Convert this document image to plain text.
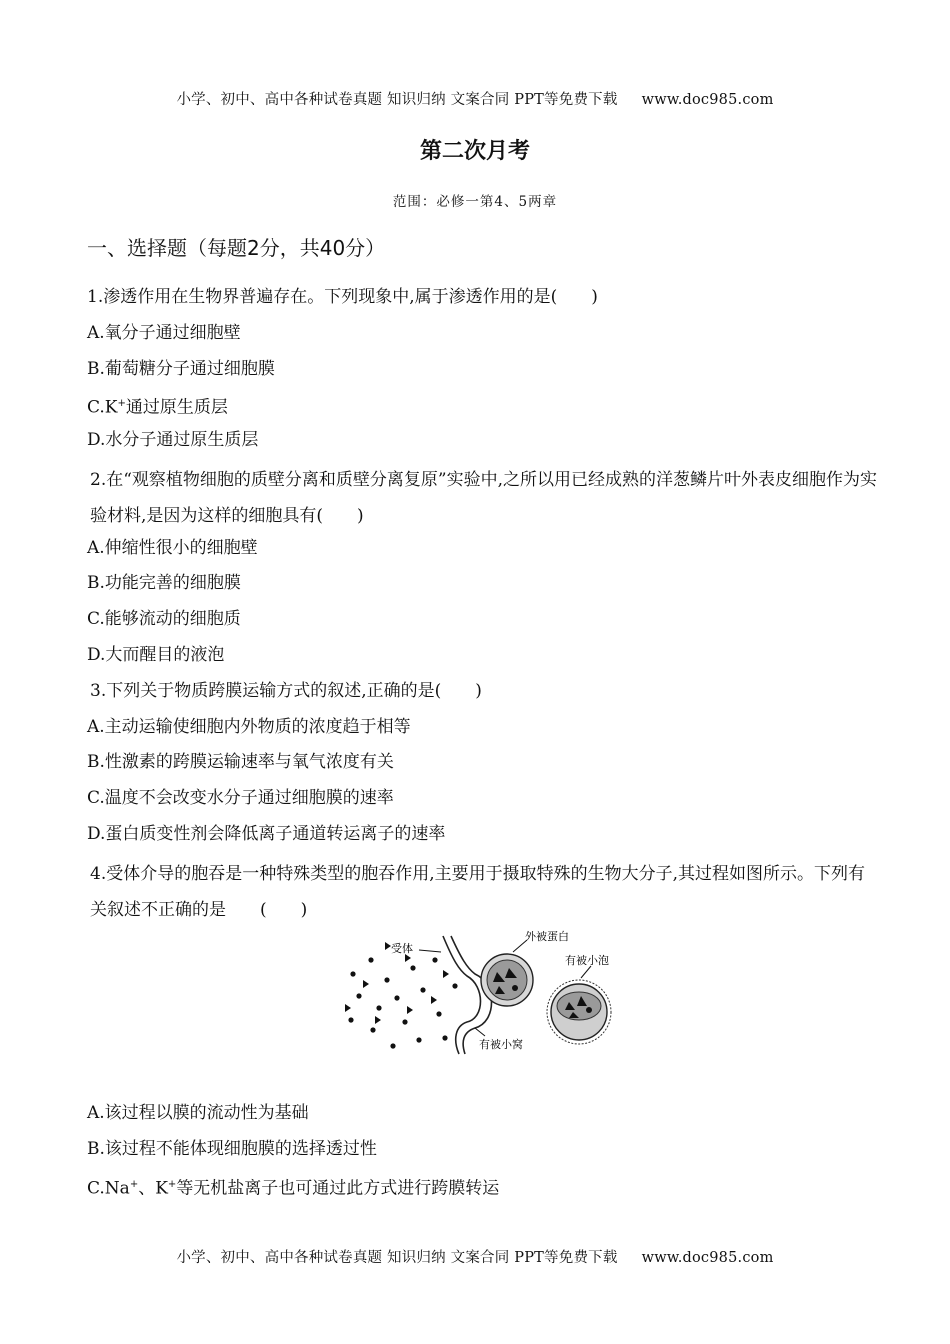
小学、初中、高中各种试卷真题 知识归纳 文案合同 PPT等免费下载 www.doc985.com
第二次月考
范围：必修一第4、5两章
一、选择题（每题2分，共40分）
1.渗透作用在生物界普遍存在。下列现象中,属于渗透作用的是(　　)
A.氧分子通过细胞壁
B.葡萄糖分子通过细胞膜
C.K+通过原生质层
D.水分子通过原生质层
2.在“观察植物细胞的质壁分离和质壁分离复原”实验中,之所以用已经成熟的洋葱鳞片叶外表皮细胞作为实验材料,是因为这样的细胞具有(　　)
A.伸缩性很小的细胞壁
B.功能完善的细胞膜
C.能够流动的细胞质
D.大而醒目的液泡
3.下列关于物质跨膜运输方式的叙述,正确的是(　　)
A.主动运输使细胞内外物质的浓度趋于相等
B.性激素的跨膜运输速率与氧气浓度有关
C.温度不会改变水分子通过细胞膜的速率
D.蛋白质变性剂会降低离子通道转运离子的速率
4.受体介导的胞吞是一种特殊类型的胞吞作用,主要用于摄取特殊的生物大分子,其过程如图所示。下列有关叙述不正确的是　　(　　)
受体
外被蛋白
有被小泡
有被小窝
A.该过程以膜的流动性为基础
B.该过程不能体现细胞膜的选择透过性
C.Na+、K+等无机盐离子也可通过此方式进行跨膜转运
小学、初中、高中各种试卷真题 知识归纳 文案合同 PPT等免费下载 www.doc985.com
